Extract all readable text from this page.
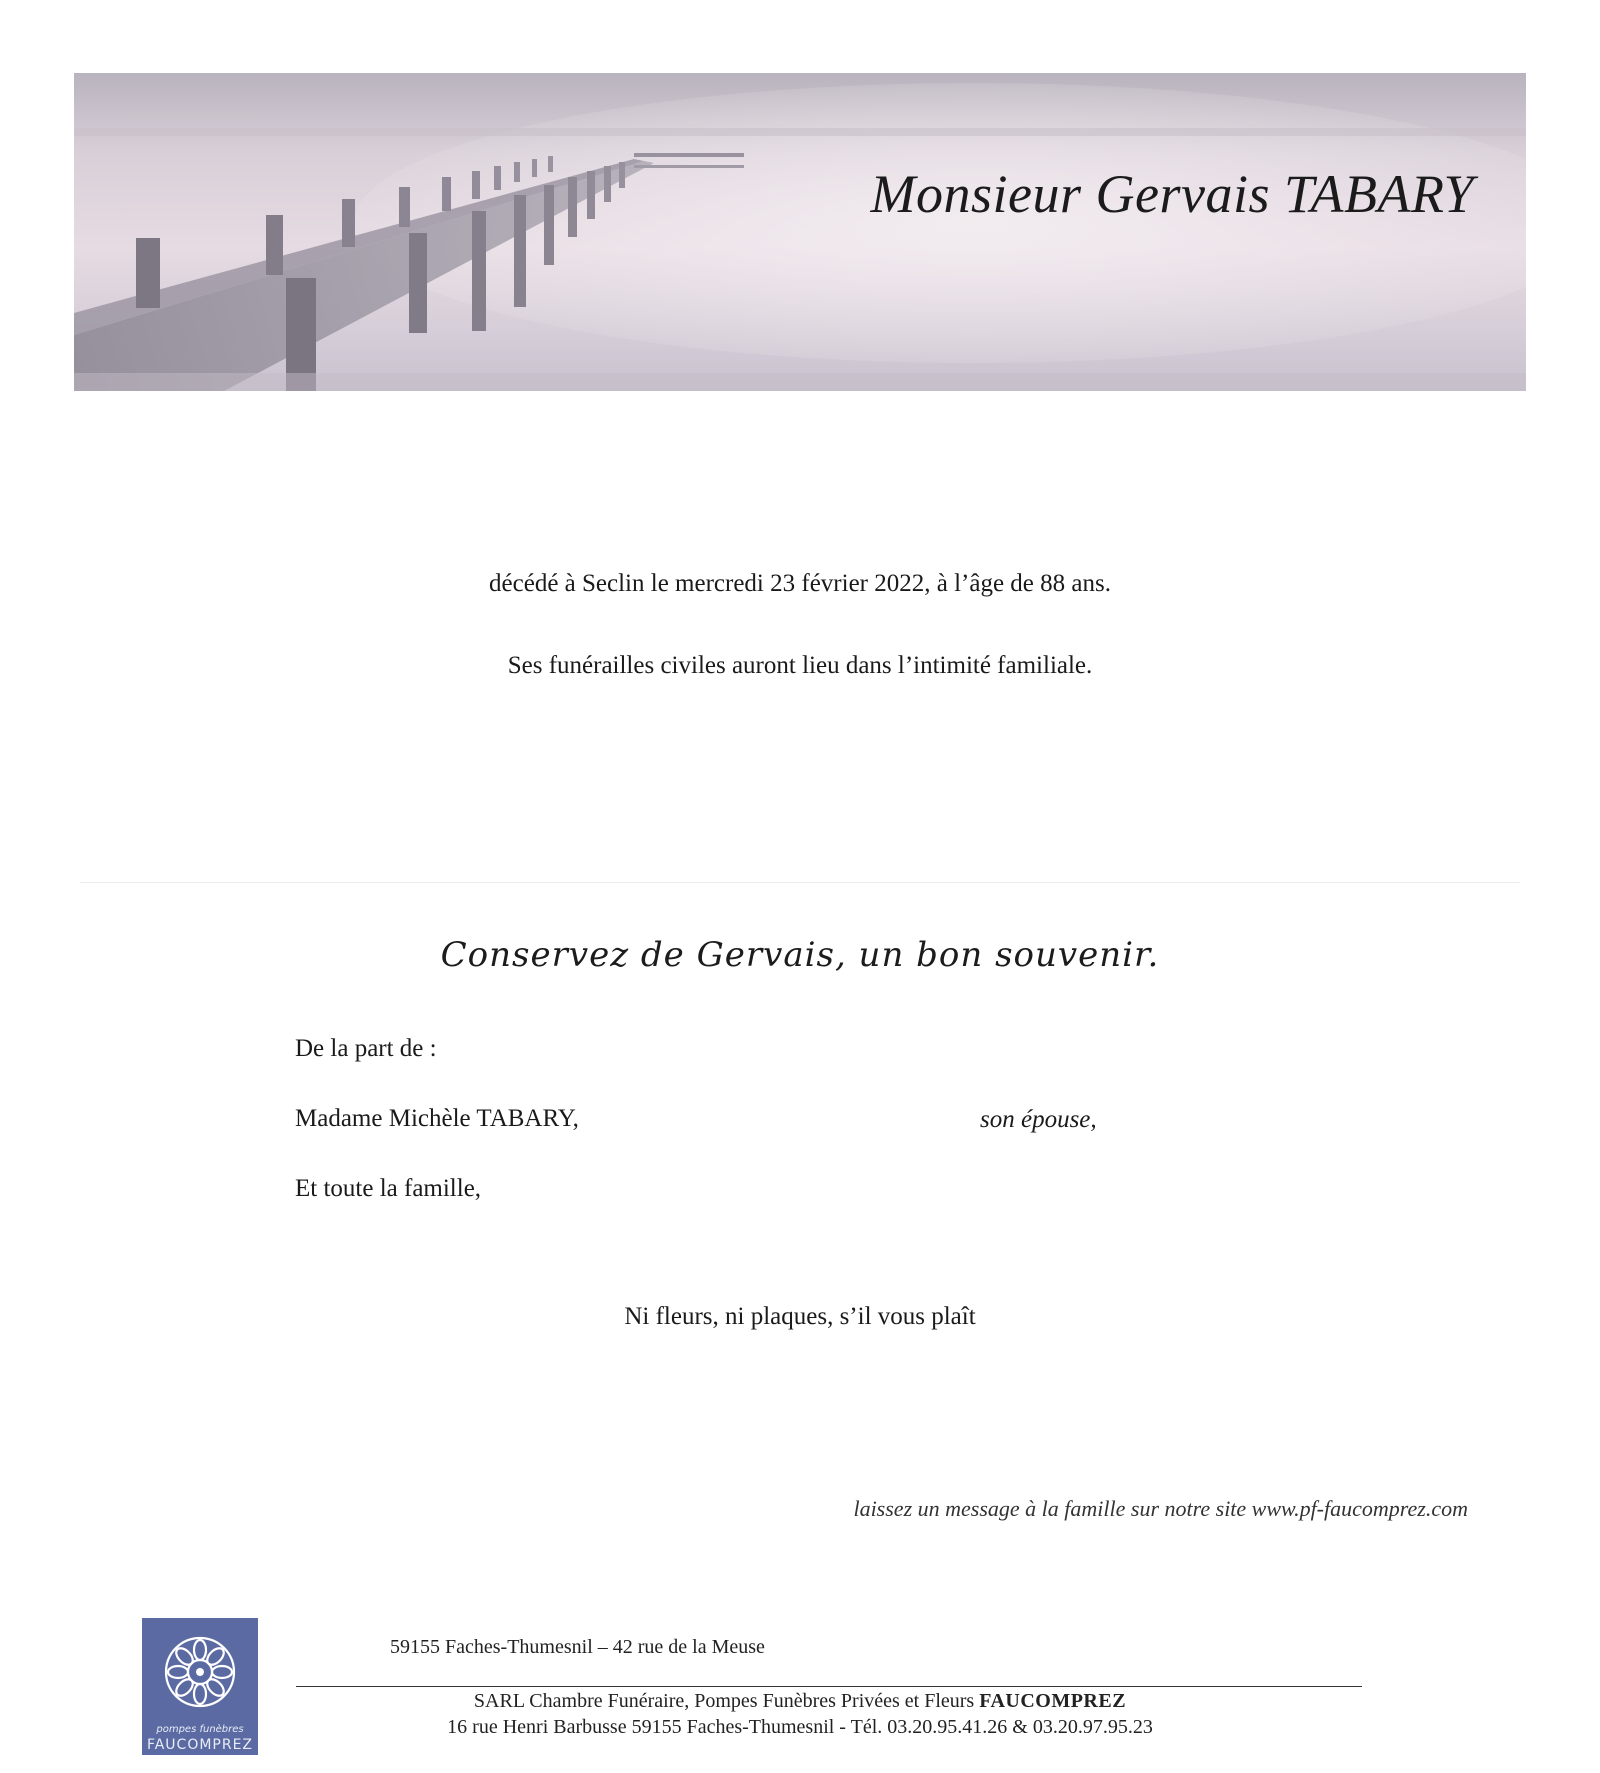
Monsieur Gervais TABARY
décédé à Seclin le mercredi 23 février 2022, à l’âge de 88 ans.
Ses funérailles civiles auront lieu dans l’intimité familiale.
Conservez de Gervais, un bon souvenir.
De la part de :
Madame Michèle TABARY,	son épouse,
Et toute la famille,
Ni fleurs, ni plaques, s’il vous plaît
laissez un message à la famille sur notre site www.pf-faucomprez.com
pompes funèbres
FAUCOMPREZ
59155 Faches-Thumesnil – 42 rue de la Meuse
SARL Chambre Funéraire, Pompes Funèbres Privées et Fleurs FAUCOMPREZ
16 rue Henri Barbusse 59155 Faches-Thumesnil - Tél. 03.20.95.41.26 & 03.20.97.95.23
